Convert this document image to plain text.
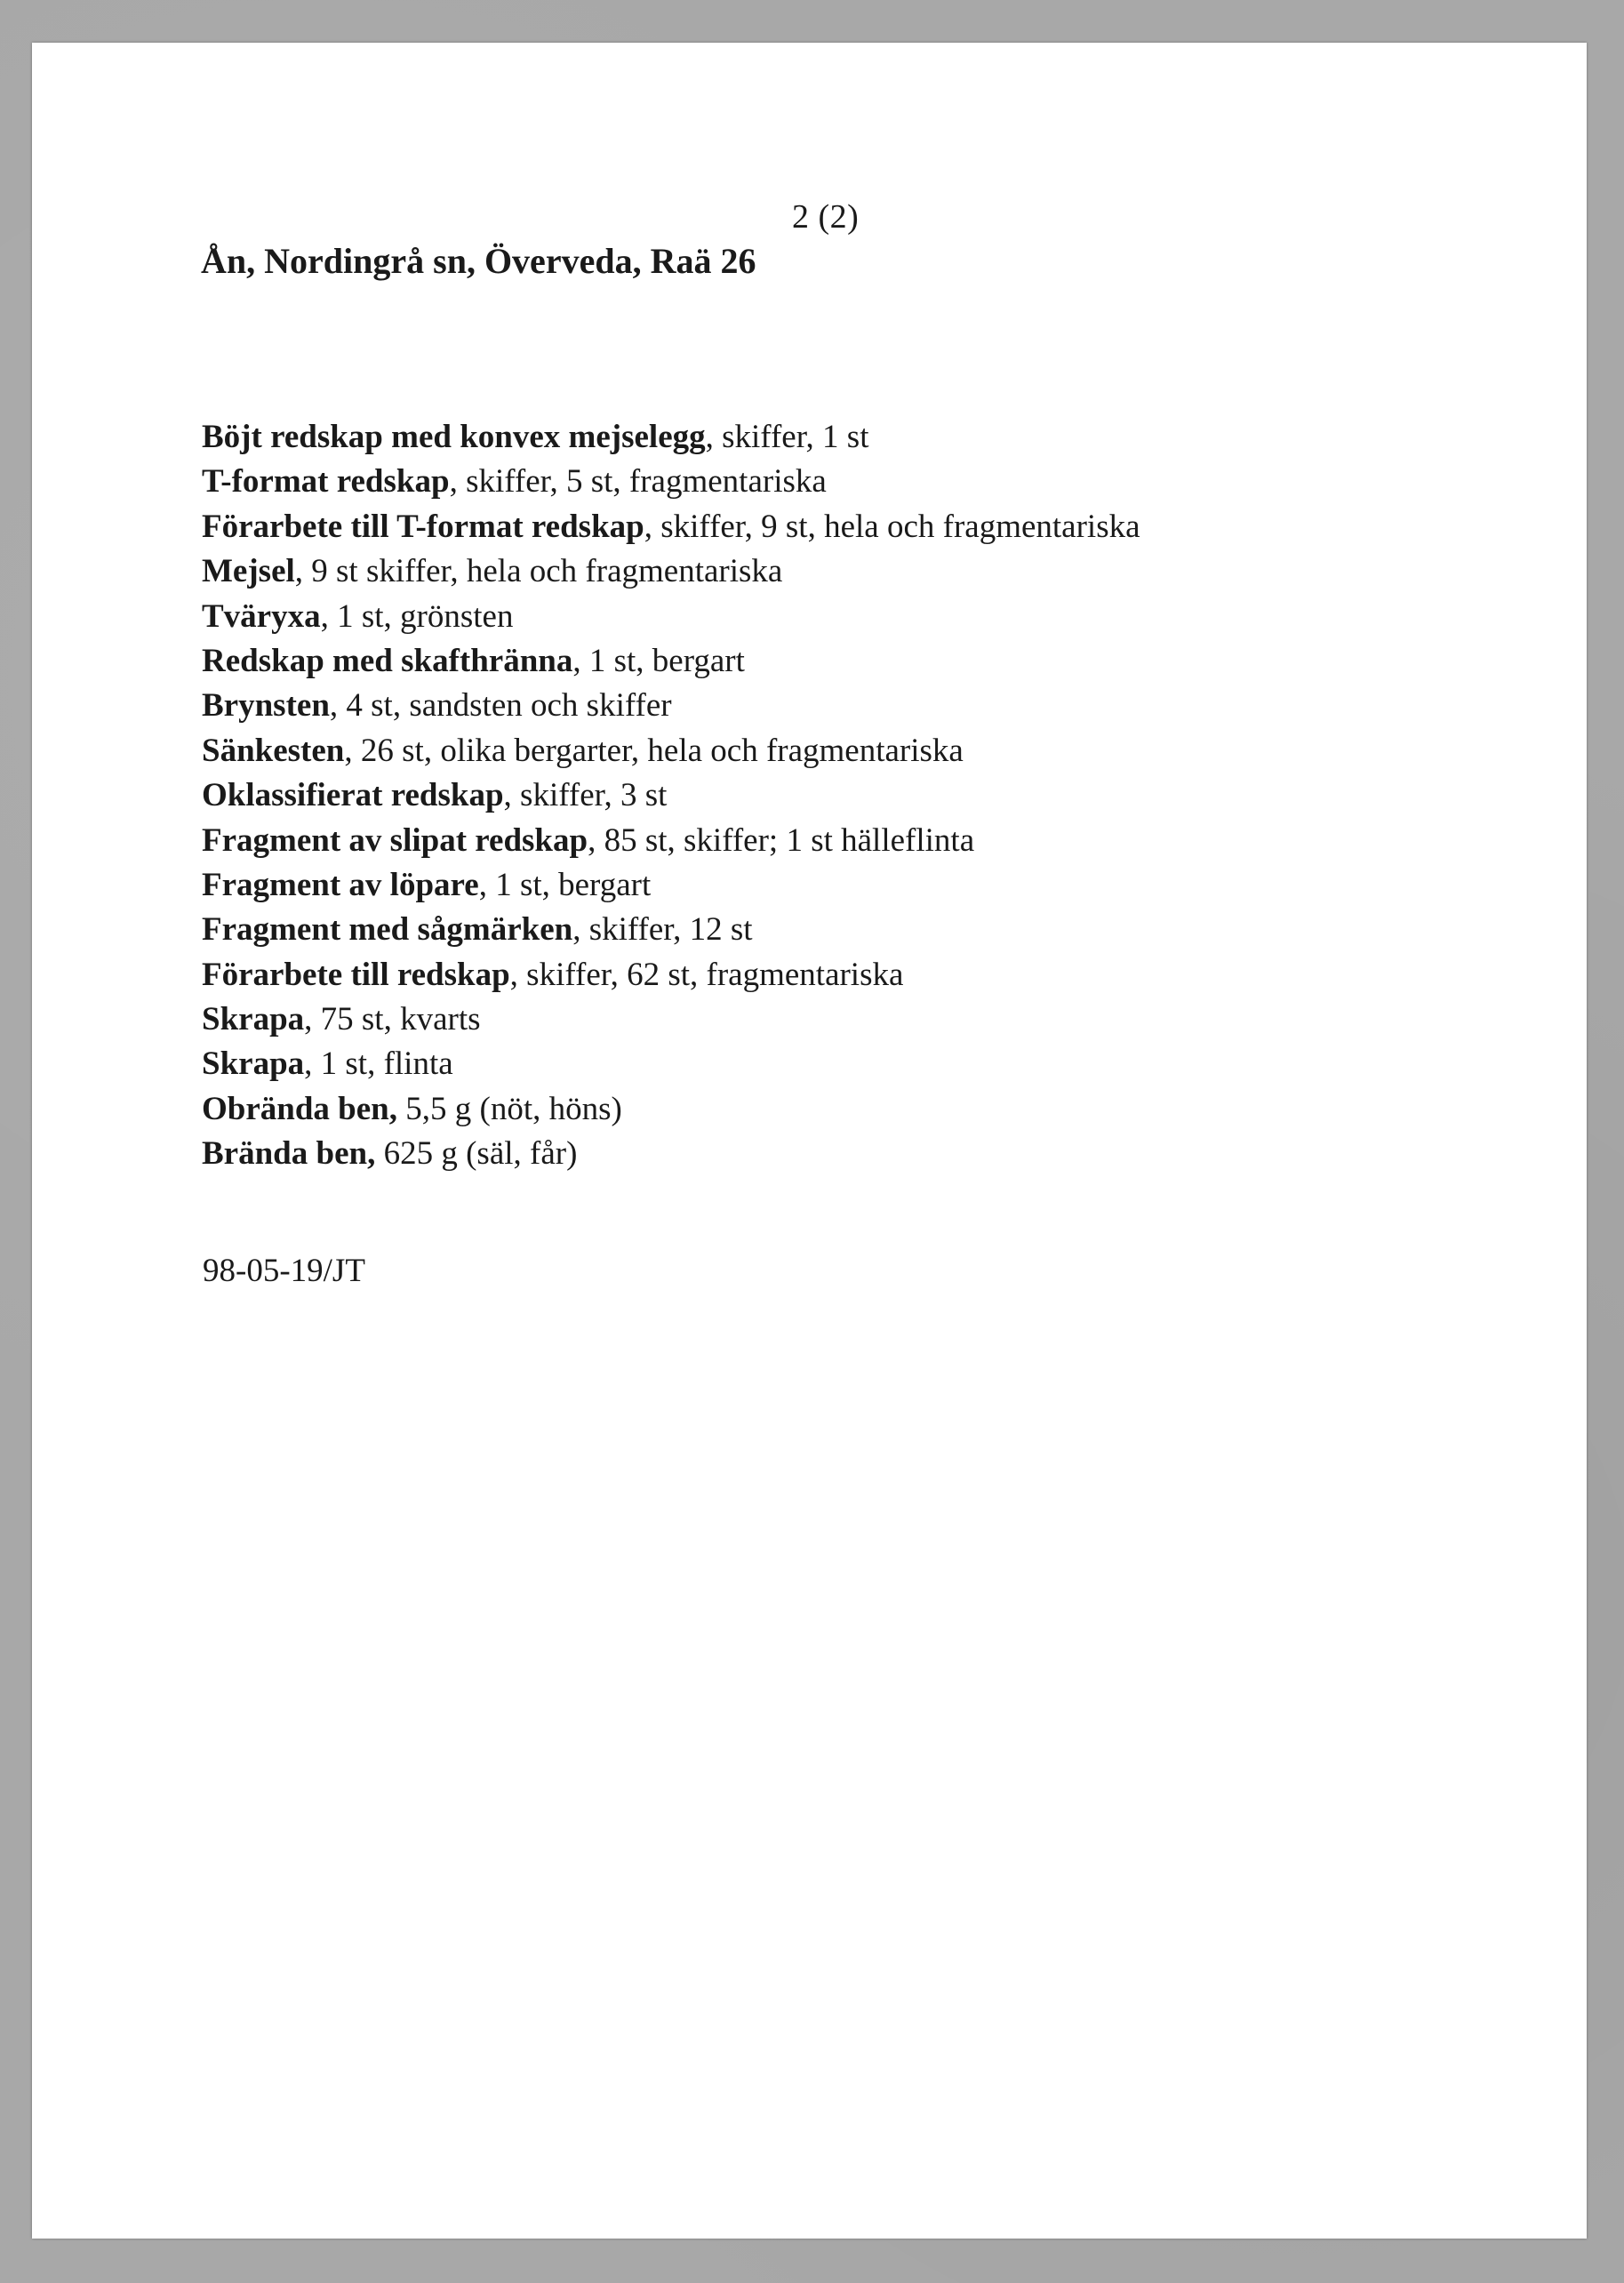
2 (2)
Ån, Nordingrå sn, Överveda, Raä 26
Böjt redskap med konvex mejselegg, skiffer, 1 st
T-format redskap, skiffer, 5 st, fragmentariska
Förarbete till T-format redskap, skiffer, 9 st, hela och fragmentariska
Mejsel, 9 st skiffer, hela och fragmentariska
Tväryxa, 1 st, grönsten
Redskap med skafthränna, 1 st, bergart
Brynsten, 4 st, sandsten och skiffer
Sänkesten, 26 st, olika bergarter, hela och fragmentariska
Oklassifierat redskap, skiffer, 3 st
Fragment av slipat redskap, 85 st, skiffer; 1 st hälleflinta
Fragment av löpare, 1 st, bergart
Fragment med sågmärken, skiffer, 12 st
Förarbete till redskap, skiffer, 62 st, fragmentariska
Skrapa, 75 st, kvarts
Skrapa, 1 st, flinta
Obrända ben, 5,5 g (nöt, höns)
Brända ben, 625 g (säl, får)
98-05-19/JT
